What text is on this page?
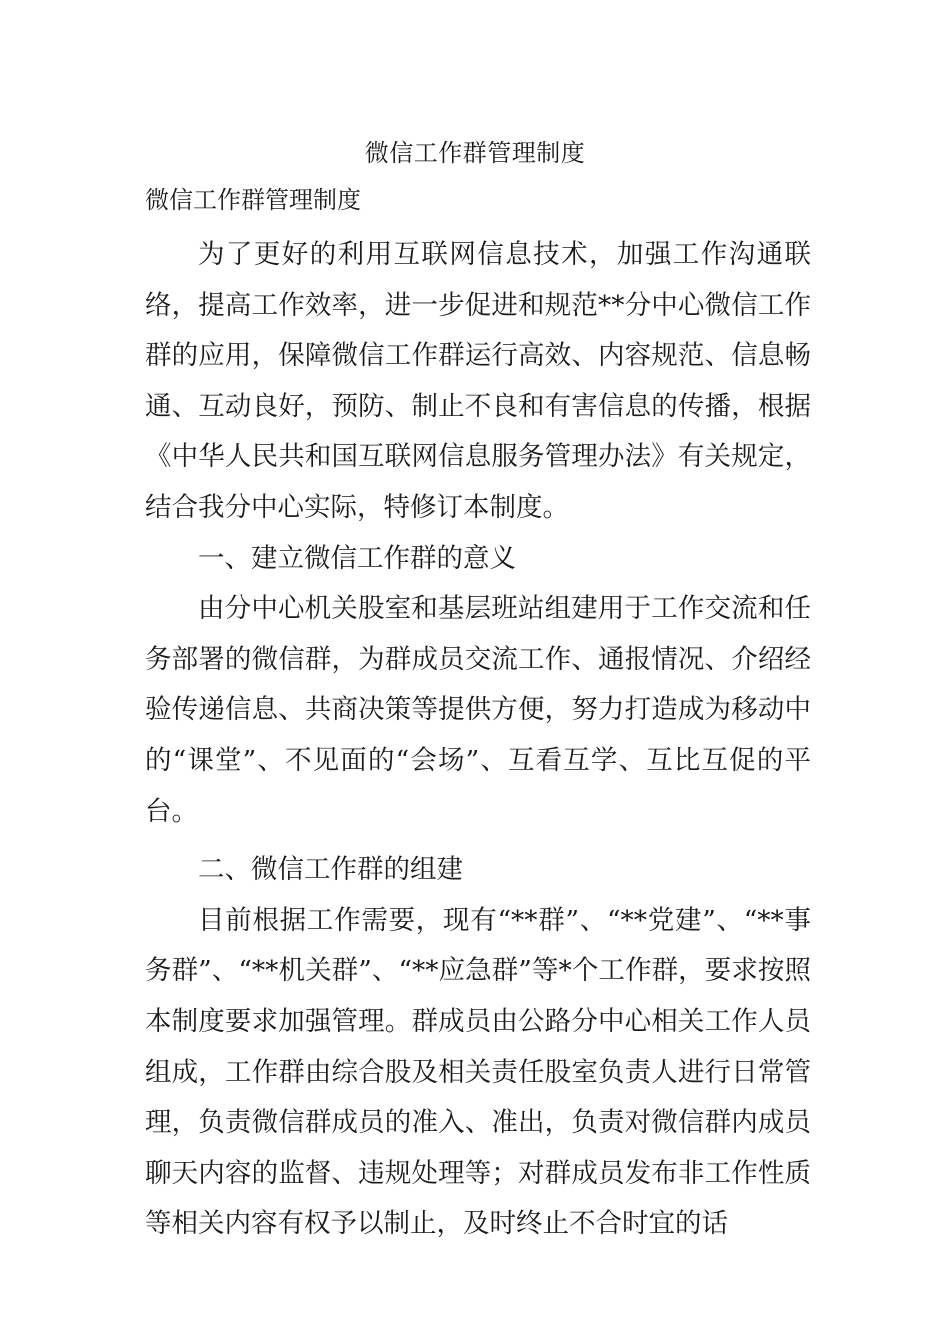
微信工作群管理制度

微信工作群管理制度

为了更好的利用互联网信息技术，加强工作沟通联络，提高工作效率，进一步促进和规范**分中心微信工作群的应用，保障微信工作群运行高效、内容规范、信息畅通、互动良好，预防、制止不良和有害信息的传播，根据《中华人民共和国互联网信息服务管理办法》有关规定，结合我分中心实际，特修订本制度。

一、建立微信工作群的意义

由分中心机关股室和基层班站组建用于工作交流和任务部署的微信群，为群成员交流工作、通报情况、介绍经验传递信息、共商决策等提供方便，努力打造成为移动中的“课堂”、不见面的“会场”、互看互学、互比互促的平台。

二、微信工作群的组建

目前根据工作需要，现有“**群”、“**党建”、“**事务群”、“**机关群”、“**应急群”等*个工作群，要求按照本制度要求加强管理。群成员由公路分中心相关工作人员组成，工作群由综合股及相关责任股室负责人进行日常管理，负责微信群成员的准入、准出，负责对微信群内成员聊天内容的监督、违规处理等；对群成员发布非工作性质等相关内容有权予以制止，及时终止不合时宜的话
